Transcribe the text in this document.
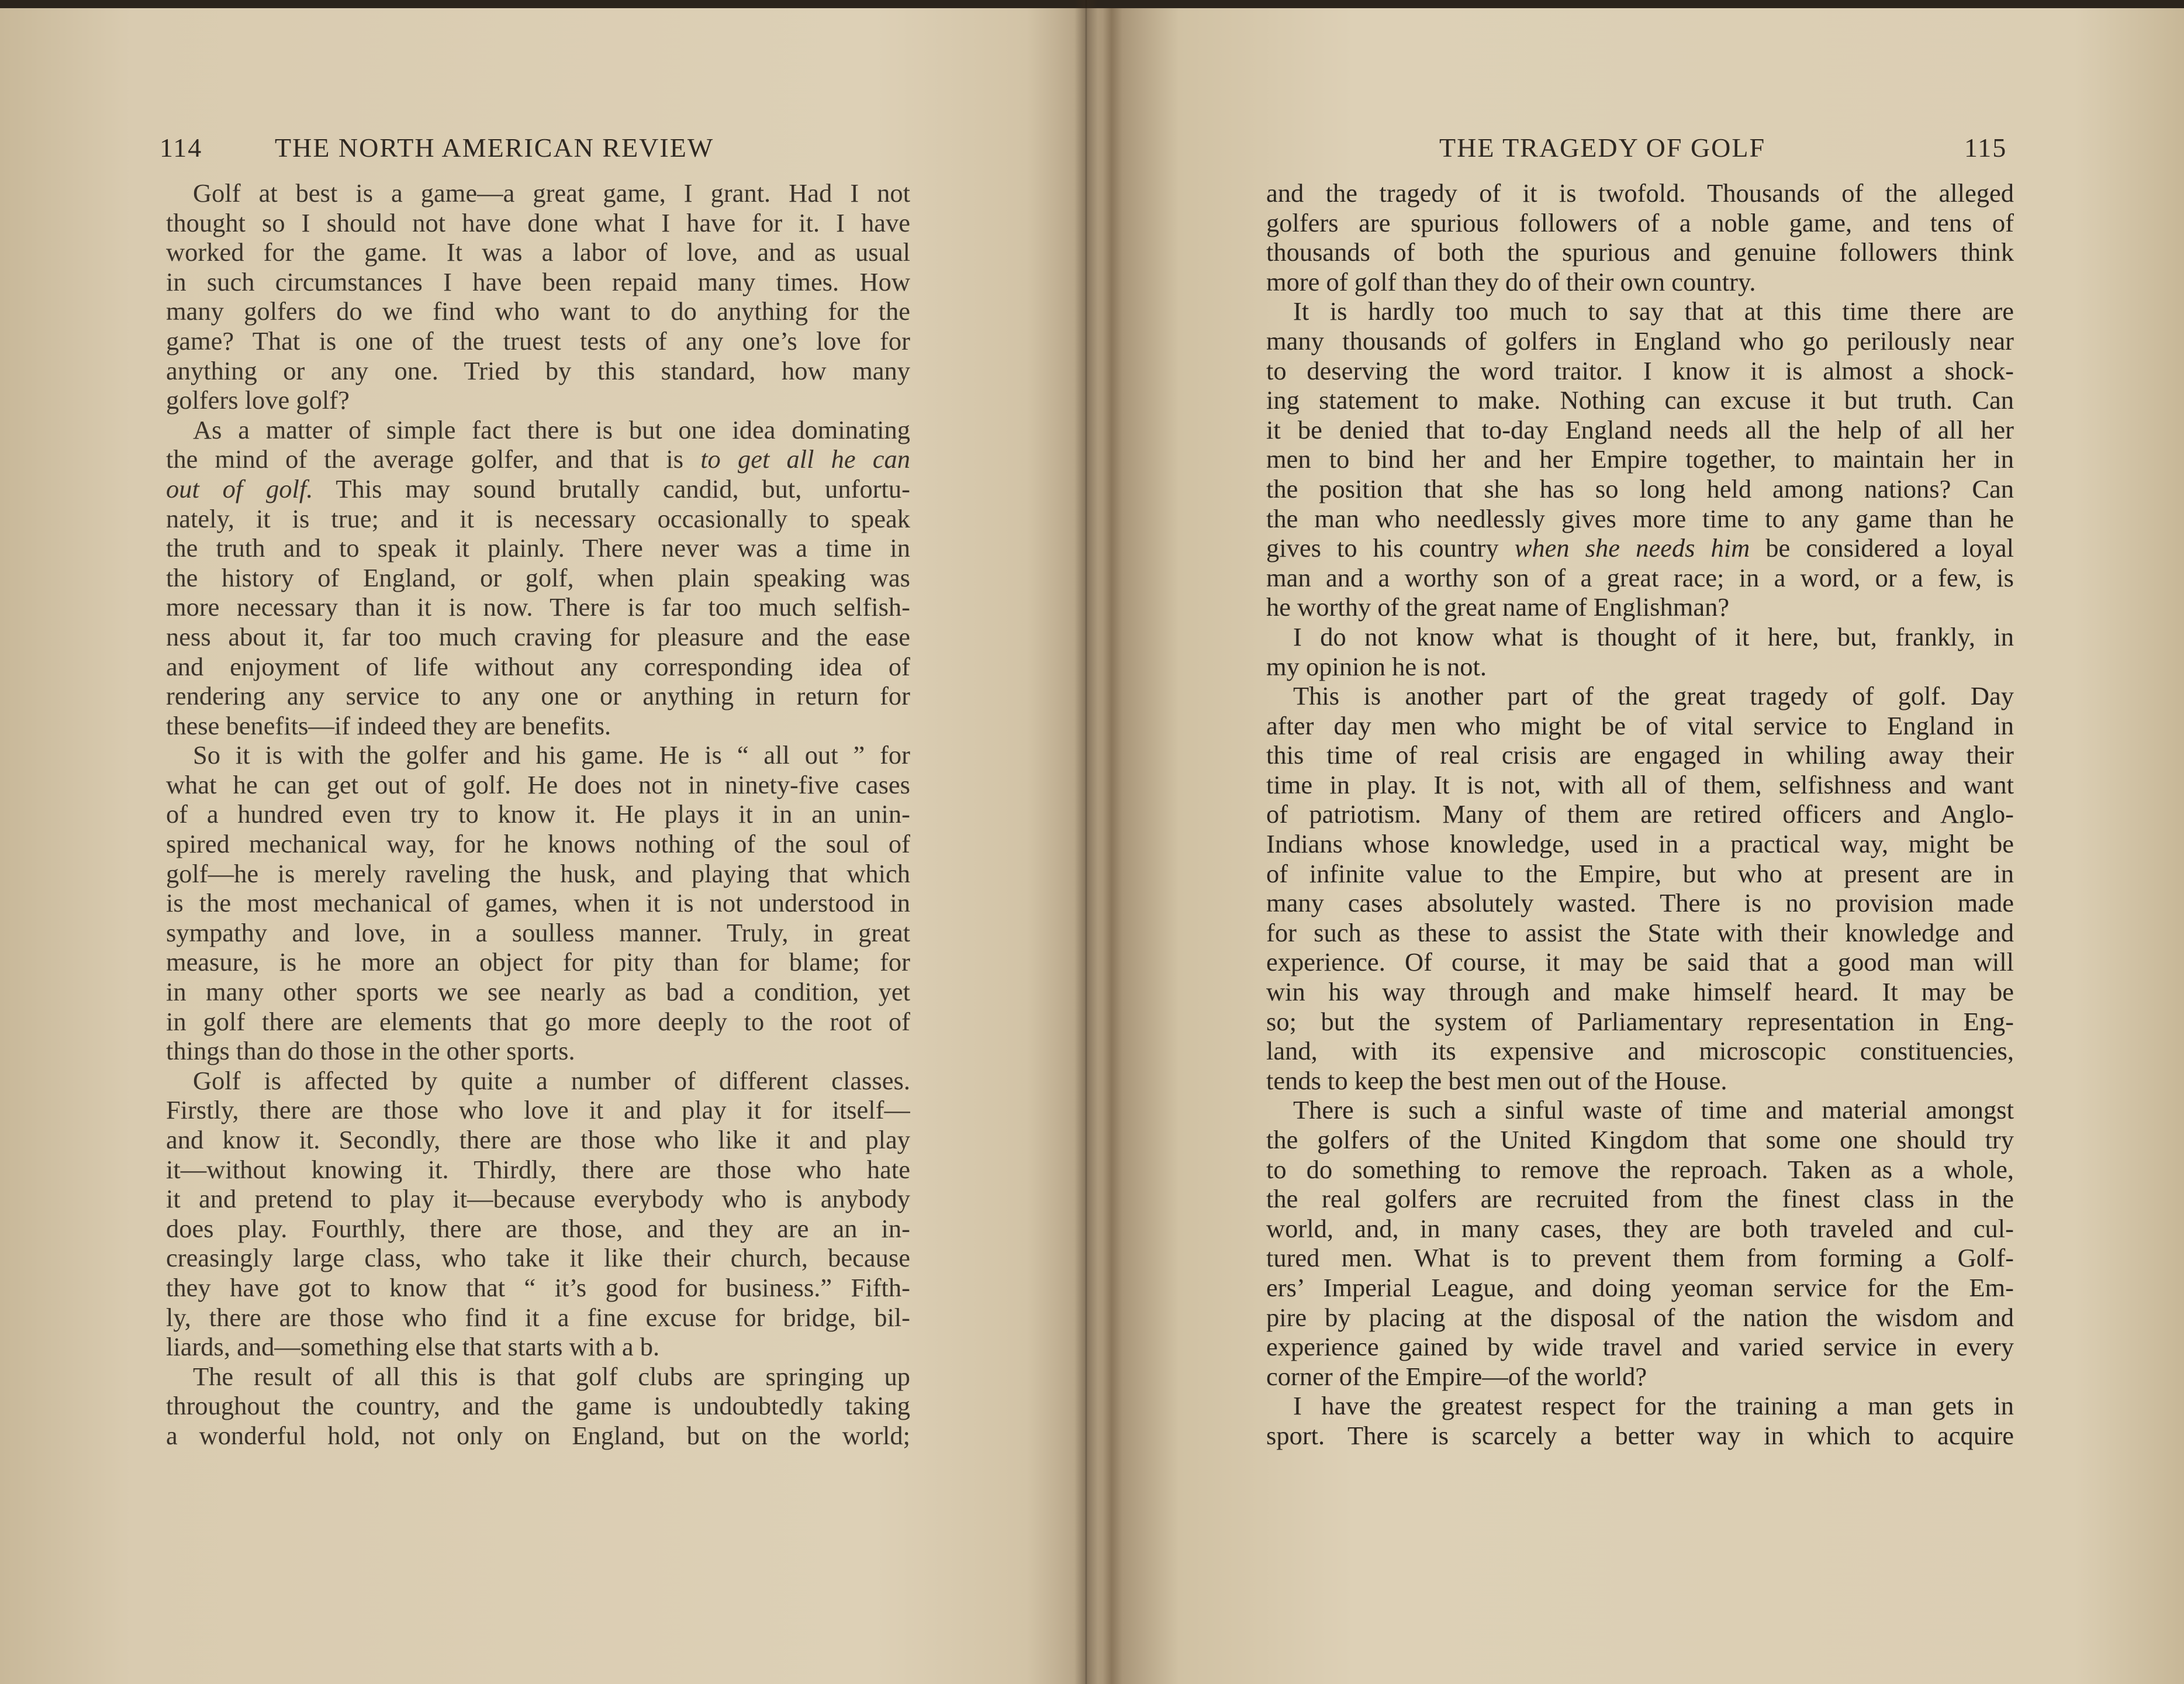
114	THE NORTH AMERICAN REVIEW
Golf at best is a game—a great game, I grant. Had I not
thought so I should not have done what I have for it. I have
worked for the game. It was a labor of love, and as usual
in such circumstances I have been repaid many times. How
many golfers do we find who want to do anything for the
game? That is one of the truest tests of any one’s love for
anything or any one. Tried by this standard, how many
golfers love golf?
As a matter of simple fact there is but one idea dominating
the mind of the average golfer, and that is to get all he can
out of golf. This may sound brutally candid, but, unfortu-
nately, it is true; and it is necessary occasionally to speak
the truth and to speak it plainly. There never was a time in
the history of England, or golf, when plain speaking was
more necessary than it is now. There is far too much selfish-
ness about it, far too much craving for pleasure and the ease
and enjoyment of life without any corresponding idea of
rendering any service to any one or anything in return for
these benefits—if indeed they are benefits.
So it is with the golfer and his game. He is “ all out ” for
what he can get out of golf. He does not in ninety-five cases
of a hundred even try to know it. He plays it in an unin-
spired mechanical way, for he knows nothing of the soul of
golf—he is merely raveling the husk, and playing that which
is the most mechanical of games, when it is not understood in
sympathy and love, in a soulless manner. Truly, in great
measure, is he more an object for pity than for blame; for
in many other sports we see nearly as bad a condition, yet
in golf there are elements that go more deeply to the root of
things than do those in the other sports.
Golf is affected by quite a number of different classes.
Firstly, there are those who love it and play it for itself—
and know it. Secondly, there are those who like it and play
it—without knowing it. Thirdly, there are those who hate
it and pretend to play it—because everybody who is anybody
does play. Fourthly, there are those, and they are an in-
creasingly large class, who take it like their church, because
they have got to know that “ it’s good for business.” Fifth-
ly, there are those who find it a fine excuse for bridge, bil-
liards, and—something else that starts with a b.
The result of all this is that golf clubs are springing up
throughout the country, and the game is undoubtedly taking
a wonderful hold, not only on England, but on the world;
THE TRAGEDY OF GOLF	115
and the tragedy of it is twofold. Thousands of the alleged
golfers are spurious followers of a noble game, and tens of
thousands of both the spurious and genuine followers think
more of golf than they do of their own country.
It is hardly too much to say that at this time there are
many thousands of golfers in England who go perilously near
to deserving the word traitor. I know it is almost a shock-
ing statement to make. Nothing can excuse it but truth. Can
it be denied that to-day England needs all the help of all her
men to bind her and her Empire together, to maintain her in
the position that she has so long held among nations? Can
the man who needlessly gives more time to any game than he
gives to his country when she needs him be considered a loyal
man and a worthy son of a great race; in a word, or a few, is
he worthy of the great name of Englishman?
I do not know what is thought of it here, but, frankly, in
my opinion he is not.
This is another part of the great tragedy of golf. Day
after day men who might be of vital service to England in
this time of real crisis are engaged in whiling away their
time in play. It is not, with all of them, selfishness and want
of patriotism. Many of them are retired officers and Anglo-
Indians whose knowledge, used in a practical way, might be
of infinite value to the Empire, but who at present are in
many cases absolutely wasted. There is no provision made
for such as these to assist the State with their knowledge and
experience. Of course, it may be said that a good man will
win his way through and make himself heard. It may be
so; but the system of Parliamentary representation in Eng-
land, with its expensive and microscopic constituencies,
tends to keep the best men out of the House.
There is such a sinful waste of time and material amongst
the golfers of the United Kingdom that some one should try
to do something to remove the reproach. Taken as a whole,
the real golfers are recruited from the finest class in the
world, and, in many cases, they are both traveled and cul-
tured men. What is to prevent them from forming a Golf-
ers’ Imperial League, and doing yeoman service for the Em-
pire by placing at the disposal of the nation the wisdom and
experience gained by wide travel and varied service in every
corner of the Empire—of the world?
I have the greatest respect for the training a man gets in
sport. There is scarcely a better way in which to acquire
